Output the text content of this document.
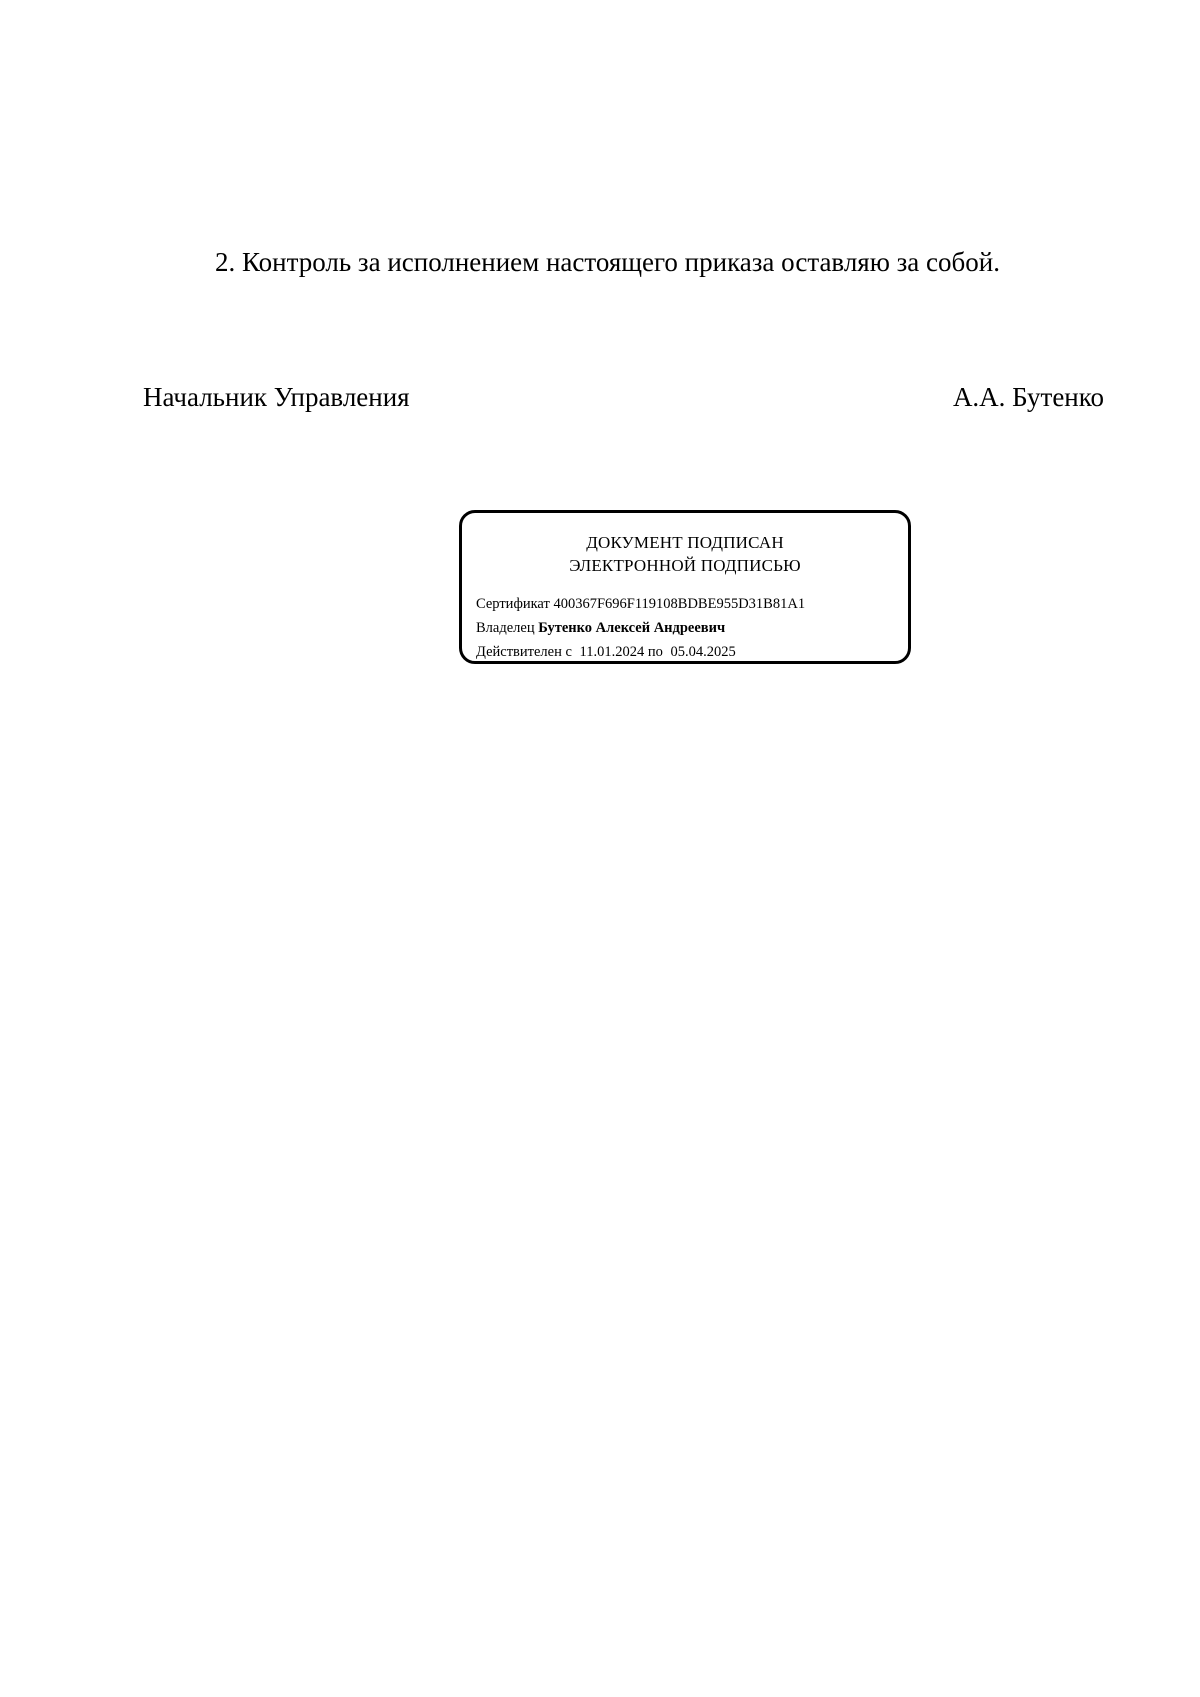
2. Контроль за исполнением настоящего приказа оставляю за собой.
Начальник Управления	А.А. Бутенко
ДОКУМЕНТ ПОДПИСАН
ЭЛЕКТРОННОЙ ПОДПИСЬЮ
Сертификат 400367F696F119108BDBE955D31B81A1
Владелец Бутенко Алексей Андреевич
Действителен с 11.01.2024 по 05.04.2025
